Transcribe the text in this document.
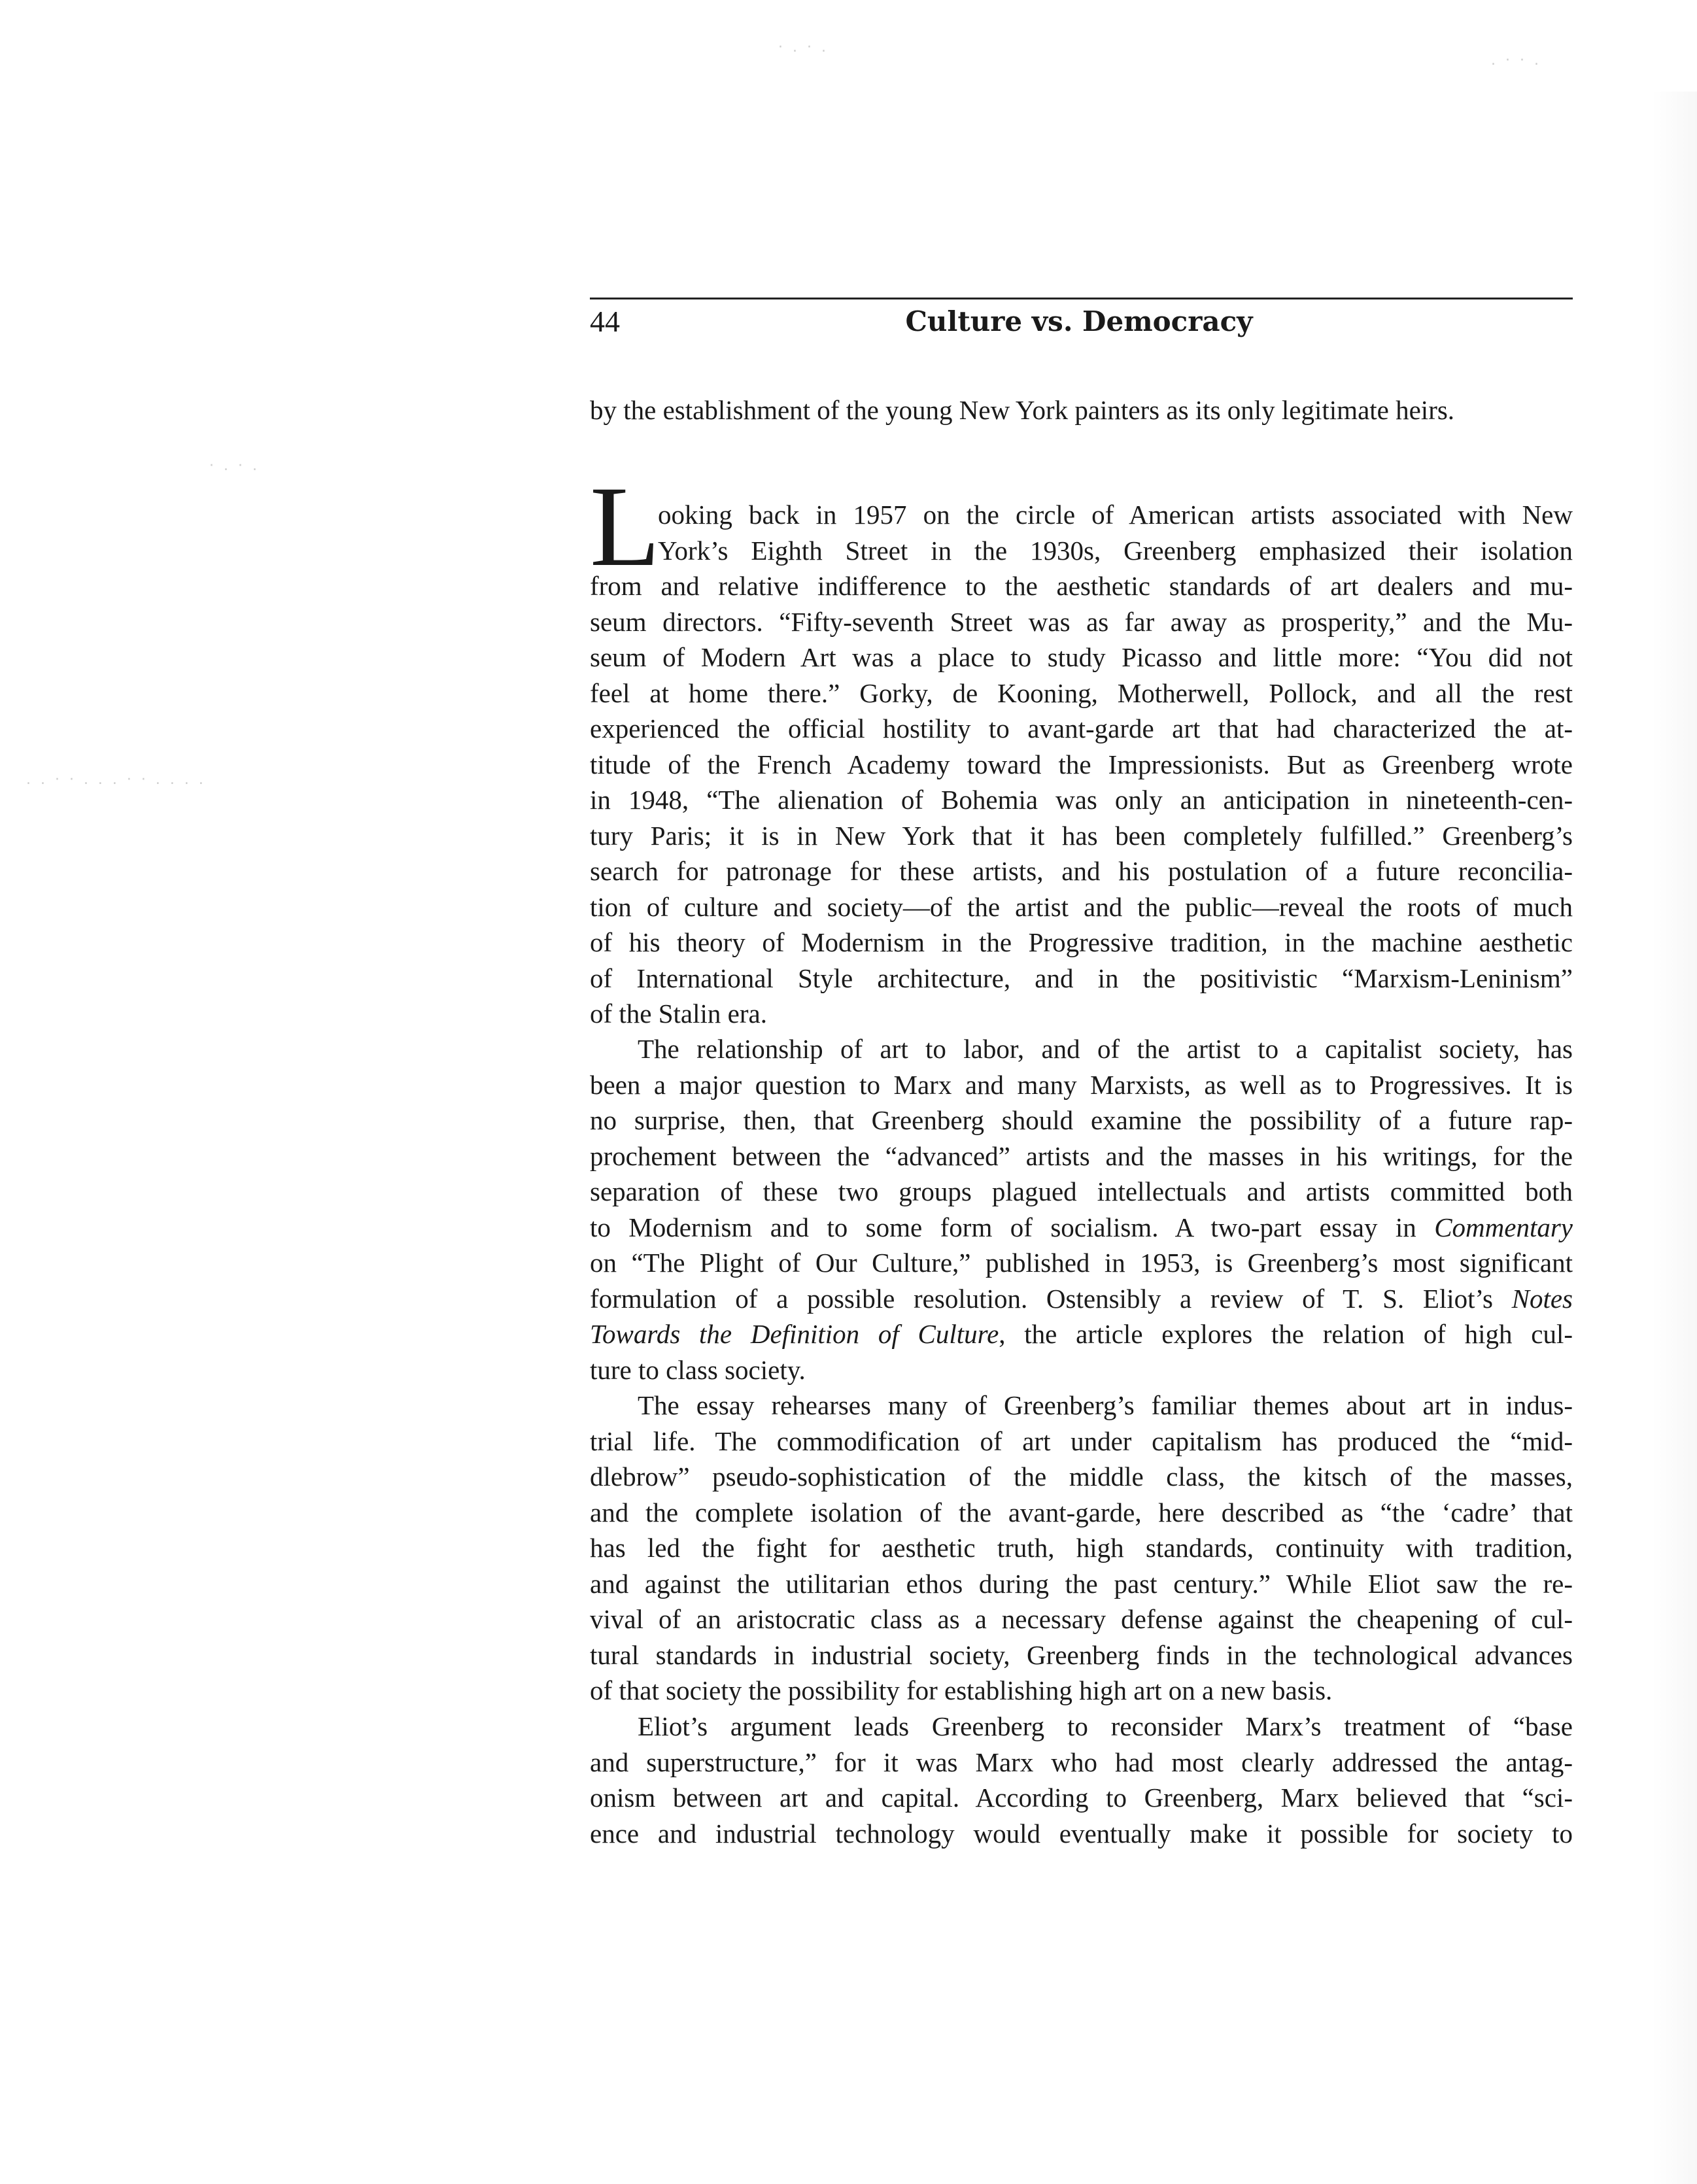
· . · .
. · · .
. . · · . . . · · . . . .
· . · .
44	Culture vs. Democracy

by the establishment of the young New York painters as its only legitimate heirs.

L

ooking back in 1957 on the circle of American artists associated with New
York’s Eighth Street in the 1930s, Greenberg emphasized their isolation

from and relative indifference to the aesthetic standards of art dealers and mu-
seum directors. “Fifty-seventh Street was as far away as prosperity,” and the Mu-
seum of Modern Art was a place to study Picasso and little more: “You did not
feel at home there.” Gorky, de Kooning, Motherwell, Pollock, and all the rest
experienced the official hostility to avant-garde art that had characterized the at-
titude of the French Academy toward the Impressionists. But as Greenberg wrote
in 1948, “The alienation of Bohemia was only an anticipation in nineteenth-cen-
tury Paris; it is in New York that it has been completely fulfilled.” Greenberg’s
search for patronage for these artists, and his postulation of a future reconcilia-
tion of culture and society—of the artist and the public—reveal the roots of much
of his theory of Modernism in the Progressive tradition, in the machine aesthetic
of International Style architecture, and in the positivistic “Marxism-Leninism”
of the Stalin era.

The relationship of art to labor, and of the artist to a capitalist society, has
been a major question to Marx and many Marxists, as well as to Progressives. It is
no surprise, then, that Greenberg should examine the possibility of a future rap-
prochement between the “advanced” artists and the masses in his writings, for the
separation of these two groups plagued intellectuals and artists committed both
to Modernism and to some form of socialism. A two-part essay in Commentary
on “The Plight of Our Culture,” published in 1953, is Greenberg’s most significant
formulation of a possible resolution. Ostensibly a review of T. S. Eliot’s Notes
Towards the Definition of Culture, the article explores the relation of high cul-
ture to class society.

The essay rehearses many of Greenberg’s familiar themes about art in indus-
trial life. The commodification of art under capitalism has produced the “mid-
dlebrow” pseudo-sophistication of the middle class, the kitsch of the masses,
and the complete isolation of the avant-garde, here described as “the ‘cadre’ that
has led the fight for aesthetic truth, high standards, continuity with tradition,
and against the utilitarian ethos during the past century.” While Eliot saw the re-
vival of an aristocratic class as a necessary defense against the cheapening of cul-
tural standards in industrial society, Greenberg finds in the technological advances
of that society the possibility for establishing high art on a new basis.

Eliot’s argument leads Greenberg to reconsider Marx’s treatment of “base
and superstructure,” for it was Marx who had most clearly addressed the antag-
onism between art and capital. According to Greenberg, Marx believed that “sci-
ence and industrial technology would eventually make it possible for society to
